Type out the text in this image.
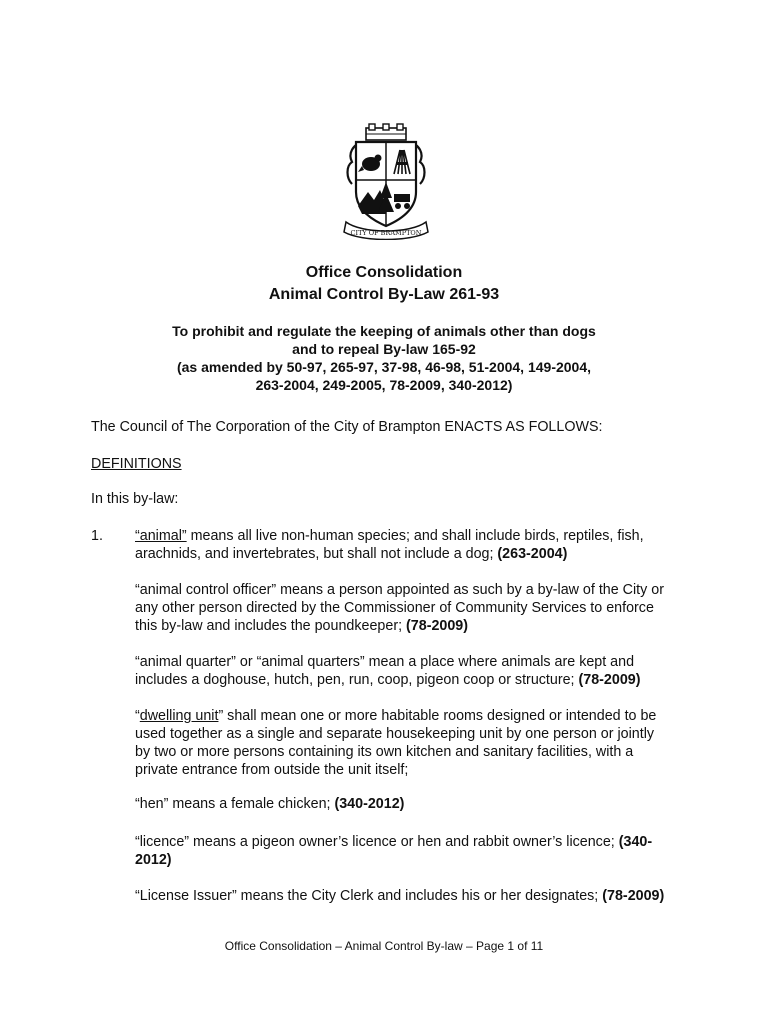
CITY OF BRAMPTON
Office Consolidation
Animal Control By-Law 261-93
To prohibit and regulate the keeping of animals other than dogs
and to repeal By-law 165-92
(as amended by 50-97, 265-97, 37-98, 46-98, 51-2004, 149-2004,
263-2004, 249-2005, 78-2009, 340-2012)
The Council of The Corporation of the City of Brampton ENACTS AS FOLLOWS:
DEFINITIONS
In this by-law:
1. “animal” means all live non-human species; and shall include birds, reptiles, fish,
arachnids, and invertebrates, but shall not include a dog; (263-2004)
“animal control officer” means a person appointed as such by a by-law of the City or
any other person directed by the Commissioner of Community Services to enforce
this by-law and includes the poundkeeper; (78-2009)
“animal quarter” or “animal quarters” mean a place where animals are kept and
includes a doghouse, hutch, pen, run, coop, pigeon coop or structure; (78-2009)
“dwelling unit” shall mean one or more habitable rooms designed or intended to be
used together as a single and separate housekeeping unit by one person or jointly
by two or more persons containing its own kitchen and sanitary facilities, with a
private entrance from outside the unit itself;
“hen” means a female chicken; (340-2012)
“licence” means a pigeon owner’s licence or hen and rabbit owner’s licence; (340-
2012)
“License Issuer” means the City Clerk and includes his or her designates; (78-2009)
Office Consolidation – Animal Control By-law – Page 1 of 11
